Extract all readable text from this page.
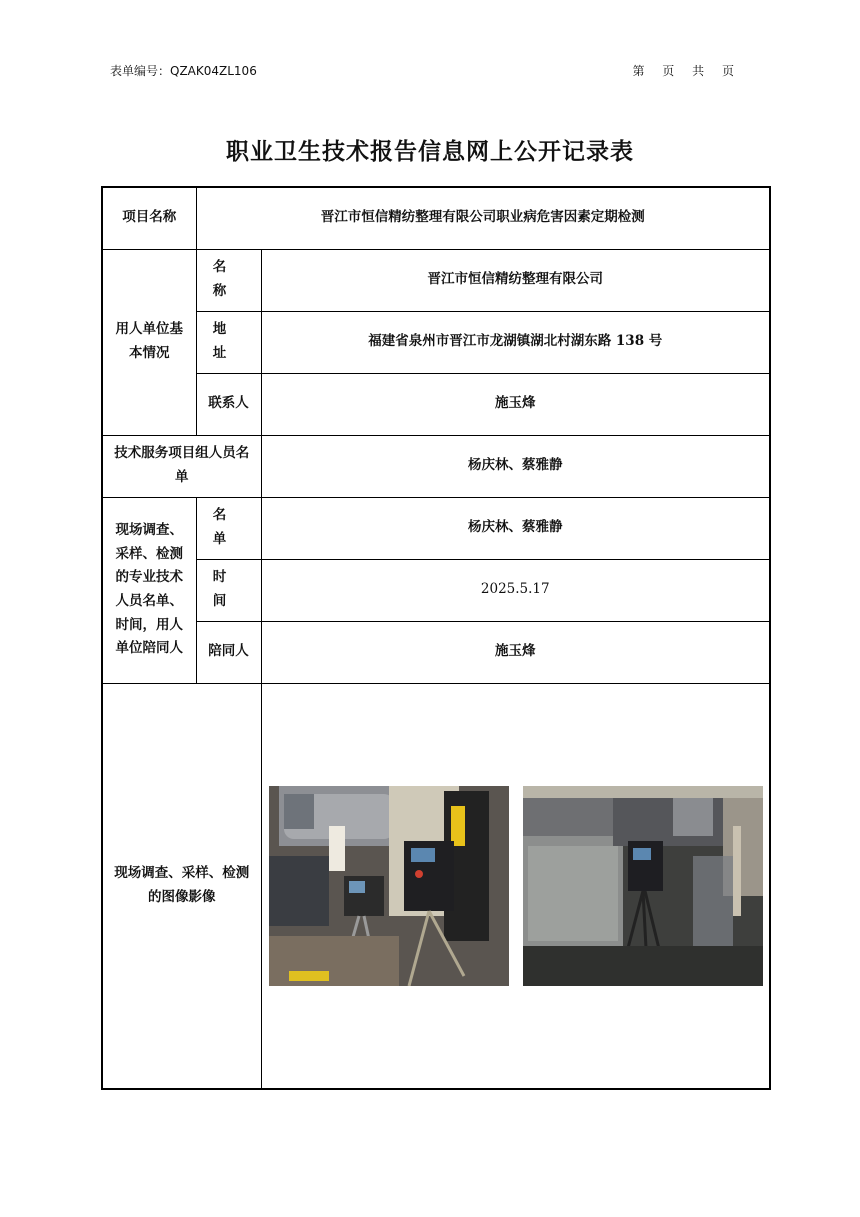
表单编号：QZAK04ZL106	第 页 共 页
职业卫生技术报告信息网上公开记录表
项目名称	晋江市恒信精纺整理有限公司职业病危害因素定期检测	
用人单位基本情况	名 称	晋江市恒信精纺整理有限公司
	地 址	福建省泉州市晋江市龙湖镇湖北村湖东路 138 号
	联系人	施玉烽
技术服务项目组人员名单		杨庆林、蔡雅静
现场调查、采样、检测的专业技术人员名单、时间，用人单位陪同人	名 单	杨庆林、蔡雅静
	时 间	2025.5.17
	陪同人	施玉烽
现场调查、采样、检测的图像影像	
